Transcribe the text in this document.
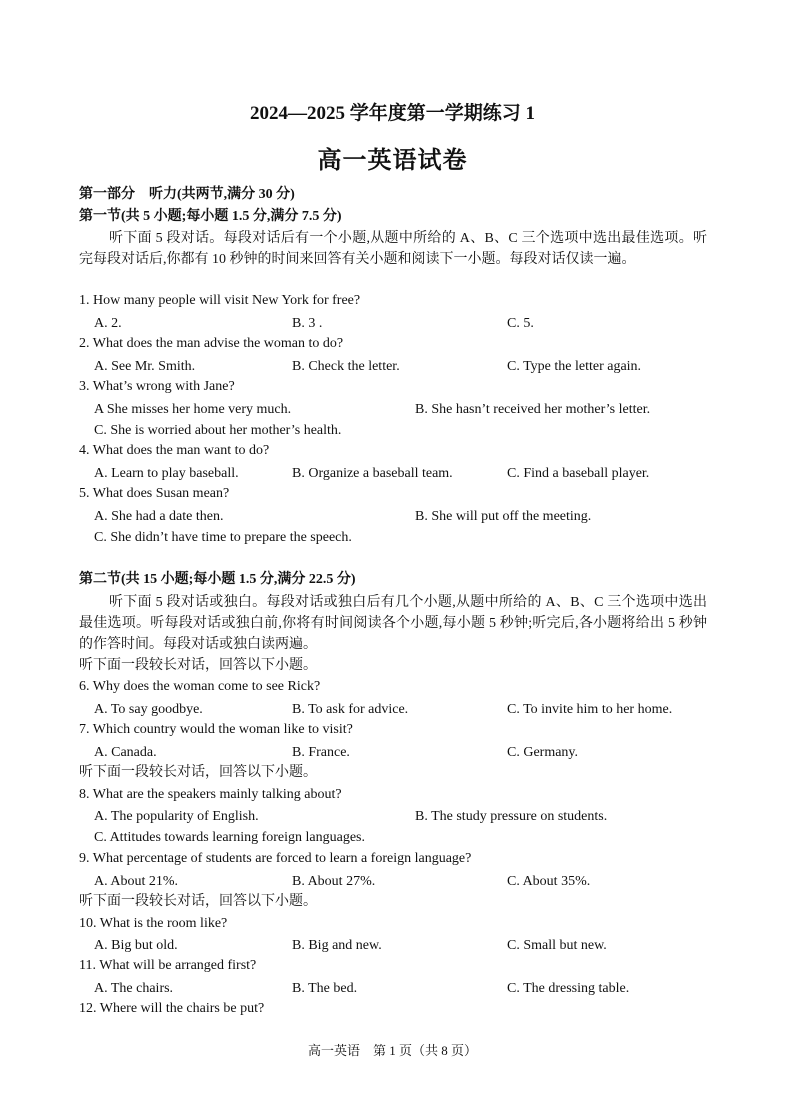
2024—2025 学年度第一学期练习 1
高一英语试卷
第一部分　听力(共两节,满分 30 分)
第一节(共 5 小题;每小题 1.5 分,满分 7.5 分)

听下面 5 段对话。每段对话后有一个小题,从题中所给的 A、B、C 三个选项中选出最佳选项。听完每段对话后,你都有 10 秒钟的时间来回答有关小题和阅读下一小题。每段对话仅读一遍。

1. How many people will visit New York for free?
A. 2.	B. 3 .	C. 5.
2. What does the man advise the woman to do?
A. See Mr. Smith.	B. Check the letter.	C. Type the letter again.
3. What’s wrong with Jane?
A She misses her home very much.	B. She hasn’t received her mother’s letter.
C. She is worried about her mother’s health.
4. What does the man want to do?
A. Learn to play baseball.	B. Organize a baseball team.	C. Find a baseball player.
5. What does Susan mean?
A. She had a date then.	B. She will put off the meeting.
C. She didn’t have time to prepare the speech.
第二节(共 15 小题;每小题 1.5 分,满分 22.5 分)

听下面 5 段对话或独白。每段对话或独白后有几个小题,从题中所给的 A、B、C 三个选项中选出最佳选项。听每段对话或独白前,你将有时间阅读各个小题,每小题 5 秒钟;听完后,各小题将给出 5 秒钟的作答时间。每段对话或独白读两遍。

听下面一段较长对话，回答以下小题。
6. Why does the woman come to see Rick?
A. To say goodbye.	B. To ask for advice.	C. To invite him to her home.
7. Which country would the woman like to visit?
A. Canada.	B. France.	C. Germany.
听下面一段较长对话，回答以下小题。
8. What are the speakers mainly talking about?
A. The popularity of English.	B. The study pressure on students.
C. Attitudes towards learning foreign languages.
9. What percentage of students are forced to learn a foreign language?
A. About 21%.	B. About 27%.	C. About 35%.
听下面一段较长对话，回答以下小题。
10. What is the room like?
A. Big but old.	B. Big and new.	C. Small but new.
11. What will be arranged first?
A. The chairs.	B. The bed.	C. The dressing table.
12. Where will the chairs be put?
高一英语　第 1 页（共 8 页）
